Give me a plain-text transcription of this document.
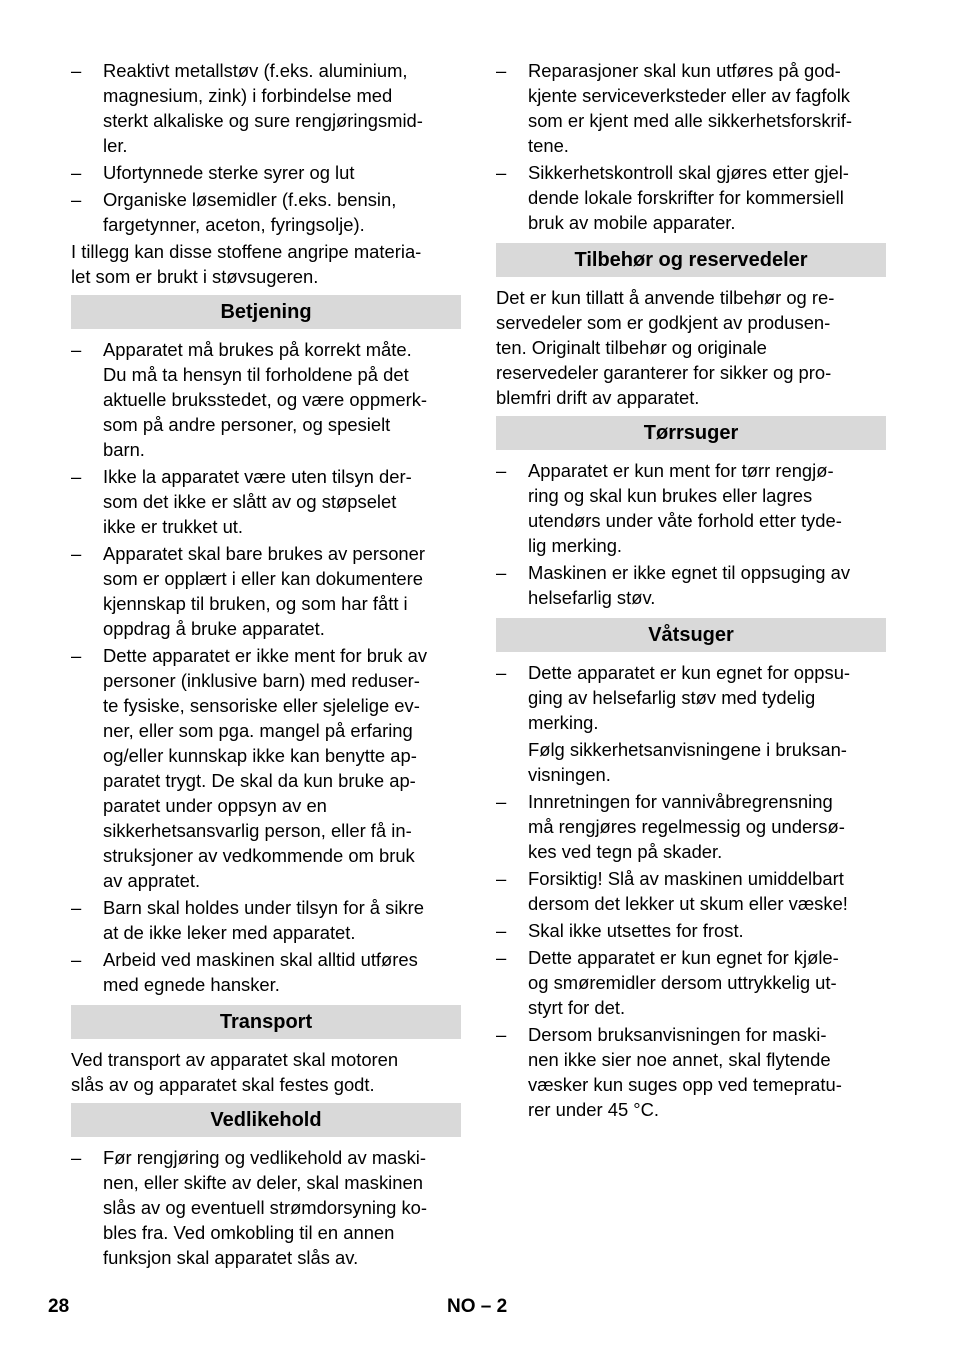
– Reaktivt metallstøv (f.eks. aluminium,
magnesium, zink) i forbindelse med
sterkt alkaliske og sure rengjøringsmid-
ler.
– Ufortynnede sterke syrer og lut
– Organiske løsemidler (f.eks. bensin,
fargetynner, aceton, fyringsolje).
I tillegg kan disse stoffene angripe materia-
let som er brukt i støvsugeren.
Betjening
– Apparatet må brukes på korrekt måte.
Du må ta hensyn til forholdene på det
aktuelle bruksstedet, og være oppmerk-
som på andre personer, og spesielt
barn.
– Ikke la apparatet være uten tilsyn der-
som det ikke er slått av og støpselet
ikke er trukket ut.
– Apparatet skal bare brukes av personer
som er opplært i eller kan dokumentere
kjennskap til bruken, og som har fått i
oppdrag å bruke apparatet.
– Dette apparatet er ikke ment for bruk av
personer (inklusive barn) med reduser-
te fysiske, sensoriske eller sjelelige ev-
ner, eller som pga. mangel på erfaring
og/eller kunnskap ikke kan benytte ap-
paratet trygt. De skal da kun bruke ap-
paratet under oppsyn av en
sikkerhetsansvarlig person, eller få in-
struksjoner av vedkommende om bruk
av appratet.
– Barn skal holdes under tilsyn for å sikre
at de ikke leker med apparatet.
– Arbeid ved maskinen skal alltid utføres
med egnede hansker.
Transport
Ved transport av apparatet skal motoren
slås av og apparatet skal festes godt.
Vedlikehold
– Før rengjøring og vedlikehold av maski-
nen, eller skifte av deler, skal maskinen
slås av og eventuell strømdorsyning ko-
bles fra. Ved omkobling til en annen
funksjon skal apparatet slås av.
– Reparasjoner skal kun utføres på god-
kjente serviceverksteder eller av fagfolk
som er kjent med alle sikkerhetsforskrif-
tene.
– Sikkerhetskontroll skal gjøres etter gjel-
dende lokale forskrifter for kommersiell
bruk av mobile apparater.
Tilbehør og reservedeler
Det er kun tillatt å anvende tilbehør og re-
servedeler som er godkjent av produsen-
ten. Originalt tilbehør og originale
reservedeler garanterer for sikker og pro-
blemfri drift av apparatet.
Tørrsuger
– Apparatet er kun ment for tørr rengjø-
ring og skal kun brukes eller lagres
utendørs under våte forhold etter tyde-
lig merking.
– Maskinen er ikke egnet til oppsuging av
helsefarlig støv.
Våtsuger
– Dette apparatet er kun egnet for oppsu-
ging av helsefarlig støv med tydelig
merking.
Følg sikkerhetsanvisningene i bruksan-
visningen.
– Innretningen for vannivåbregrensning
må rengjøres regelmessig og undersø-
kes ved tegn på skader.
– Forsiktig! Slå av maskinen umiddelbart
dersom det lekker ut skum eller væske!
– Skal ikke utsettes for frost.
– Dette apparatet er kun egnet for kjøle-
og smøremidler dersom uttrykkelig ut-
styrt for det.
– Dersom bruksanvisningen for maski-
nen ikke sier noe annet, skal flytende
væsker kun suges opp ved temepratu-
rer under 45 °C.
28	NO – 2
